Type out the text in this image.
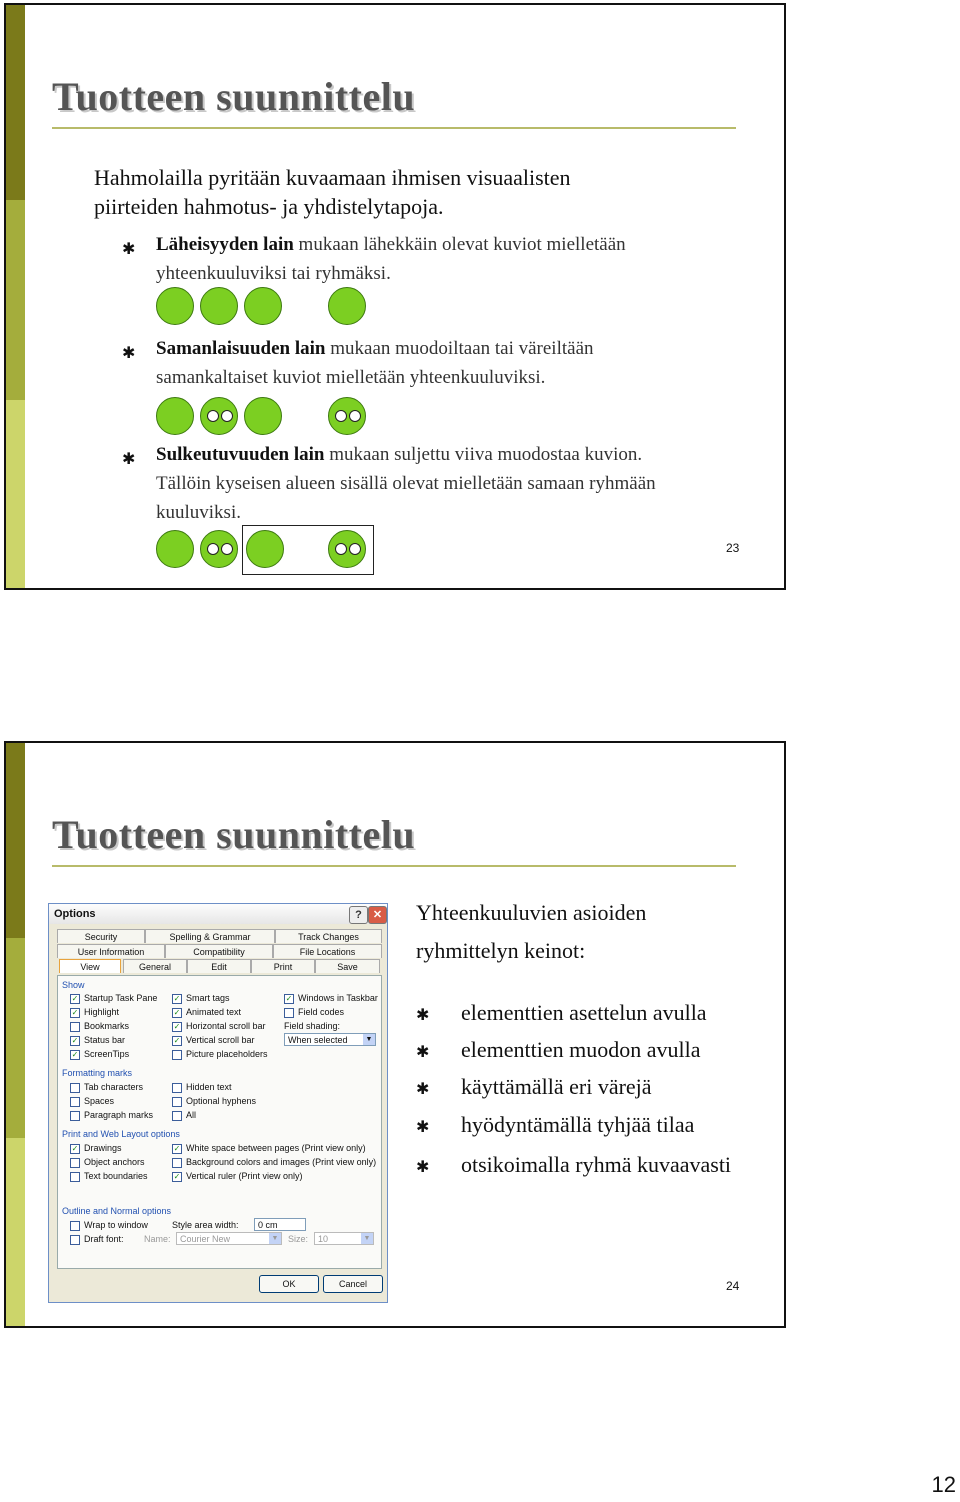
Tuotteen suunnittelu
Hahmolailla pyritään kuvaamaan ihmisen visuaalisten
piirteiden hahmotus- ja yhdistelytapoja.
✱ Läheisyyden lain mukaan lähekkäin olevat kuviot mielletään
yhteenkuuluviksi tai ryhmäksi.
✱ Samanlaisuuden lain mukaan muodoiltaan tai väreiltään
samankaltaiset kuviot mielletään yhteenkuuluviksi.
✱ Sulkeutuvuuden lain mukaan suljettu viiva muodostaa kuvion.
Tällöin kyseisen alueen sisällä olevat mielletään samaan ryhmään
kuuluviksi.
23
Tuotteen suunnittelu
Options	?	✕
Security	Spelling & Grammar	Track Changes
User Information	Compatibility	File Locations
View	General	Edit	Print	Save
Show
✓ Startup Task Pane
✓ Highlight
Bookmarks
✓ Status bar
✓ ScreenTips
✓ Smart tags
✓ Animated text
✓ Horizontal scroll bar
✓ Vertical scroll bar
Picture placeholders
✓ Windows in Taskbar
Field codes
Field shading:
When selected	▼
Formatting marks
Tab characters
Spaces
Paragraph marks
Hidden text
Optional hyphens
All
Print and Web Layout options
✓ Drawings
Object anchors
Text boundaries
✓ White space between pages (Print view only)
Background colors and images (Print view only)
✓ Vertical ruler (Print view only)
Outline and Normal options
Wrap to window
Draft font:
Style area width:	0 cm
Name:	Courier New	▼ Size:	10	▼
OK	Cancel
Yhteenkuuluvien asioiden
ryhmittelyn keinot:
✱ elementtien asettelun avulla
✱ elementtien muodon avulla
✱ käyttämällä eri värejä
✱ hyödyntämällä tyhjää tilaa
✱ otsikoimalla ryhmä kuvaavasti
24
12
